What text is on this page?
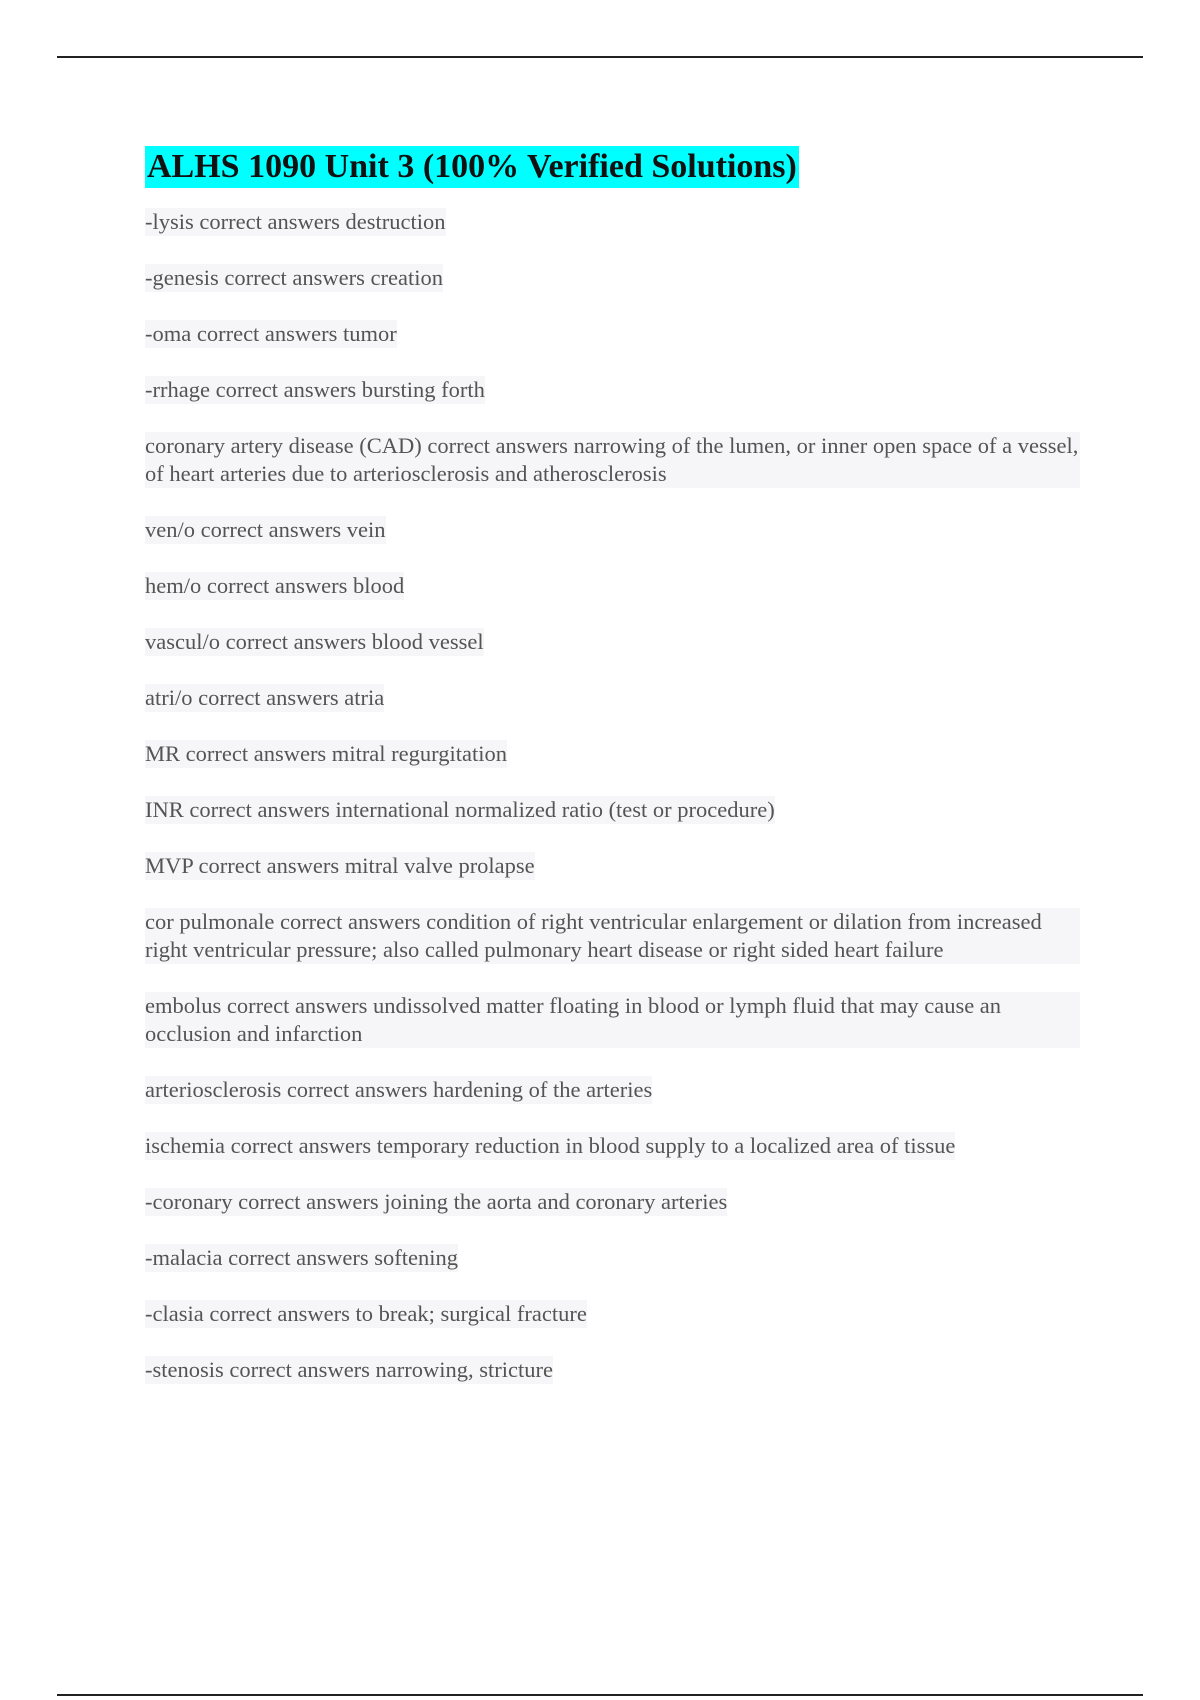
ALHS 1090 Unit 3 (100% Verified Solutions)

-lysis correct answers destruction

-genesis correct answers creation

-oma correct answers tumor

-rrhage correct answers bursting forth

coronary artery disease (CAD) correct answers narrowing of the lumen, or inner open space of a vessel, of heart arteries due to arteriosclerosis and atherosclerosis

ven/o correct answers vein

hem/o correct answers blood

vascul/o correct answers blood vessel

atri/o correct answers atria

MR correct answers mitral regurgitation

INR correct answers international normalized ratio (test or procedure)

MVP correct answers mitral valve prolapse

cor pulmonale correct answers condition of right ventricular enlargement or dilation from increased right ventricular pressure; also called pulmonary heart disease or right sided heart failure

embolus correct answers undissolved matter floating in blood or lymph fluid that may cause an occlusion and infarction

arteriosclerosis correct answers hardening of the arteries

ischemia correct answers temporary reduction in blood supply to a localized area of tissue

-coronary correct answers joining the aorta and coronary arteries

-malacia correct answers softening

-clasia correct answers to break; surgical fracture

-stenosis correct answers narrowing, stricture
